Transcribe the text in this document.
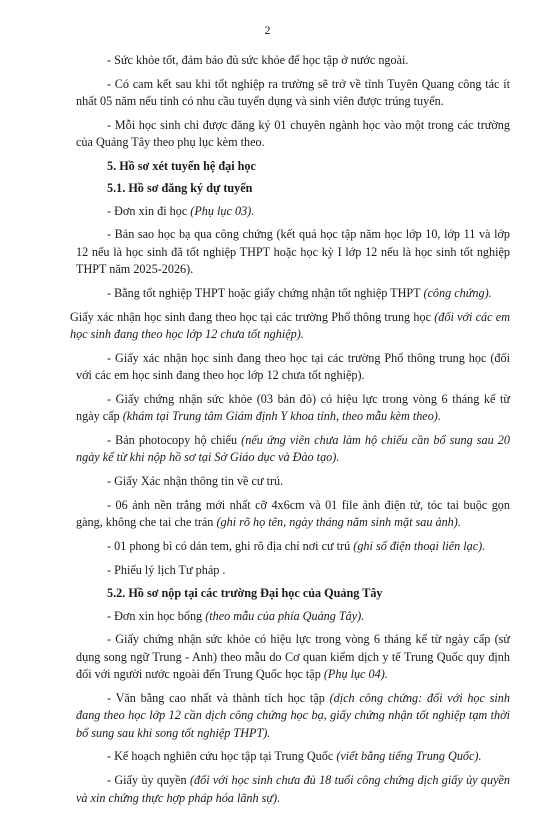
2

- Sức khỏe tốt, đảm bảo đủ sức khỏe để học tập ở nước ngoài.

- Có cam kết sau khi tốt nghiệp ra trường sẽ trở về tỉnh Tuyên Quang công tác ít nhất 05 năm nếu tỉnh có nhu cầu tuyển dụng và sinh viên được trúng tuyển.

- Mỗi học sinh chỉ được đăng ký 01 chuyên ngành học vào một trong các trường của Quảng Tây theo phụ lục kèm theo.

5. Hồ sơ xét tuyển hệ đại học

5.1. Hồ sơ đăng ký dự tuyển

- Đơn xin đi học (Phụ lục 03).

- Bản sao học bạ qua công chứng (kết quả học tập năm học lớp 10, lớp 11 và lớp 12 nếu là học sinh đã tốt nghiệp THPT hoặc học kỳ I lớp 12 nếu là học sinh tốt nghiệp THPT năm 2025-2026).

- Bằng tốt nghiệp THPT hoặc giấy chứng nhận tốt nghiệp THPT (công chứng).

Giấy xác nhận học sinh đang theo học tại các trường Phổ thông trung học (đối với các em học sinh đang theo học lớp 12 chưa tốt nghiệp).

- Giấy xác nhận học sinh đang theo học tại các trường Phổ thông trung học (đối với các em học sinh đang theo học lớp 12 chưa tốt nghiệp).

- Giấy chứng nhận sức khỏe (03 bản đỏ) có hiệu lực trong vòng 6 tháng kể từ ngày cấp (khám tại Trung tâm Giám định Y khoa tỉnh, theo mẫu kèm theo).

- Bản photocopy hộ chiếu (nếu ứng viên chưa làm hộ chiếu cần bổ sung sau 20 ngày kể từ khi nộp hồ sơ tại Sở Giáo dục và Đào tạo).

- Giấy Xác nhận thông tin về cư trú.

- 06 ảnh nền trắng mới nhất cỡ 4x6cm và 01 file ảnh điện tử, tóc tai buộc gọn gàng, không che tai che trán (ghi rõ họ tên, ngày tháng năm sinh mặt sau ảnh).

- 01 phong bì có dán tem, ghi rõ địa chỉ nơi cư trú (ghi số điện thoại liên lạc).

- Phiếu lý lịch Tư pháp .

5.2. Hồ sơ nộp tại các trường Đại học của Quảng Tây

- Đơn xin học bổng (theo mẫu của phía Quảng Tây).

- Giấy chứng nhận sức khỏe có hiệu lực trong vòng 6 tháng kể từ ngày cấp (sử dụng song ngữ Trung - Anh) theo mẫu do Cơ quan kiểm dịch y tế Trung Quốc quy định đối với người nước ngoài đến Trung Quốc học tập (Phụ lục 04).

- Văn bằng cao nhất và thành tích học tập (dịch công chứng: đối với học sinh đang theo học lớp 12 cần dịch công chứng học bạ, giấy chứng nhận tốt nghiệp tạm thời bổ sung sau khi song tốt nghiệp THPT).

- Kế hoạch nghiên cứu học tập tại Trung Quốc (viết bằng tiếng Trung Quốc).

- Giấy ủy quyền (đối với học sinh chưa đủ 18 tuổi công chứng dịch giấy ủy quyền và xin chứng thực hợp pháp hóa lãnh sự).
